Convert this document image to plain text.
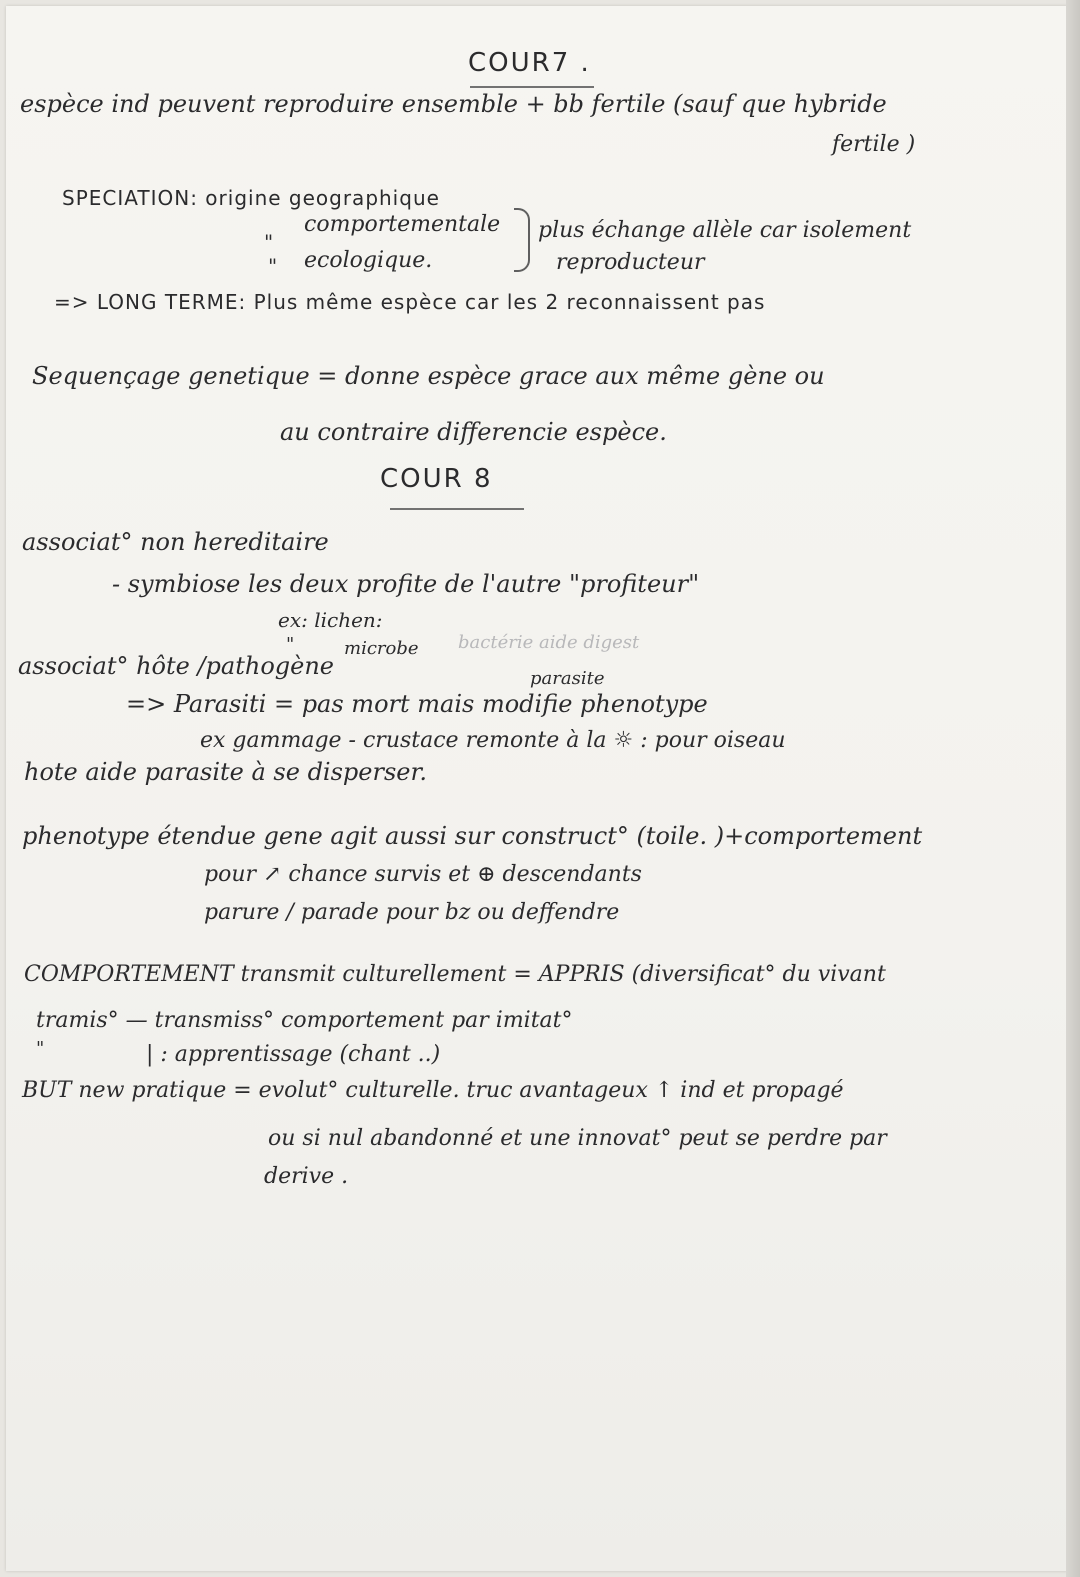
COUR7 .
espèce ind peuvent reproduire ensemble + bb fertile (sauf que hybride
fertile )
SPECIATION: origine geographique
"
comportementale
" ecologique.
plus échange allèle car isolement
reproducteur
=> LONG TERME: Plus même espèce car les 2 reconnaissent pas
Sequençage genetique = donne espèce grace aux même gène ou
au contraire differencie espèce.
COUR 8
associat° non hereditaire
- symbiose les deux profite de l'autre "profiteur"
ex: lichen:
"	microbe bactérie aide digest
associat° hôte /pathogène	parasite
=> Parasiti = pas mort mais modifie phenotype
ex gammage - crustace remonte à la ☼ : pour oiseau
hote aide parasite à se disperser.
phenotype étendue gene agit aussi sur construct° (toile. )+comportement
pour ↗ chance survis et ⊕ descendants
parure / parade pour bz ou deffendre
COMPORTEMENT transmit culturellement = APPRIS (diversificat° du vivant
tramis° — transmiss° comportement par imitat°
"	| : apprentissage (chant ..)
BUT new pratique = evolut° culturelle. truc avantageux ↑ ind et propagé
ou si nul abandonné et une innovat° peut se perdre par
derive .
